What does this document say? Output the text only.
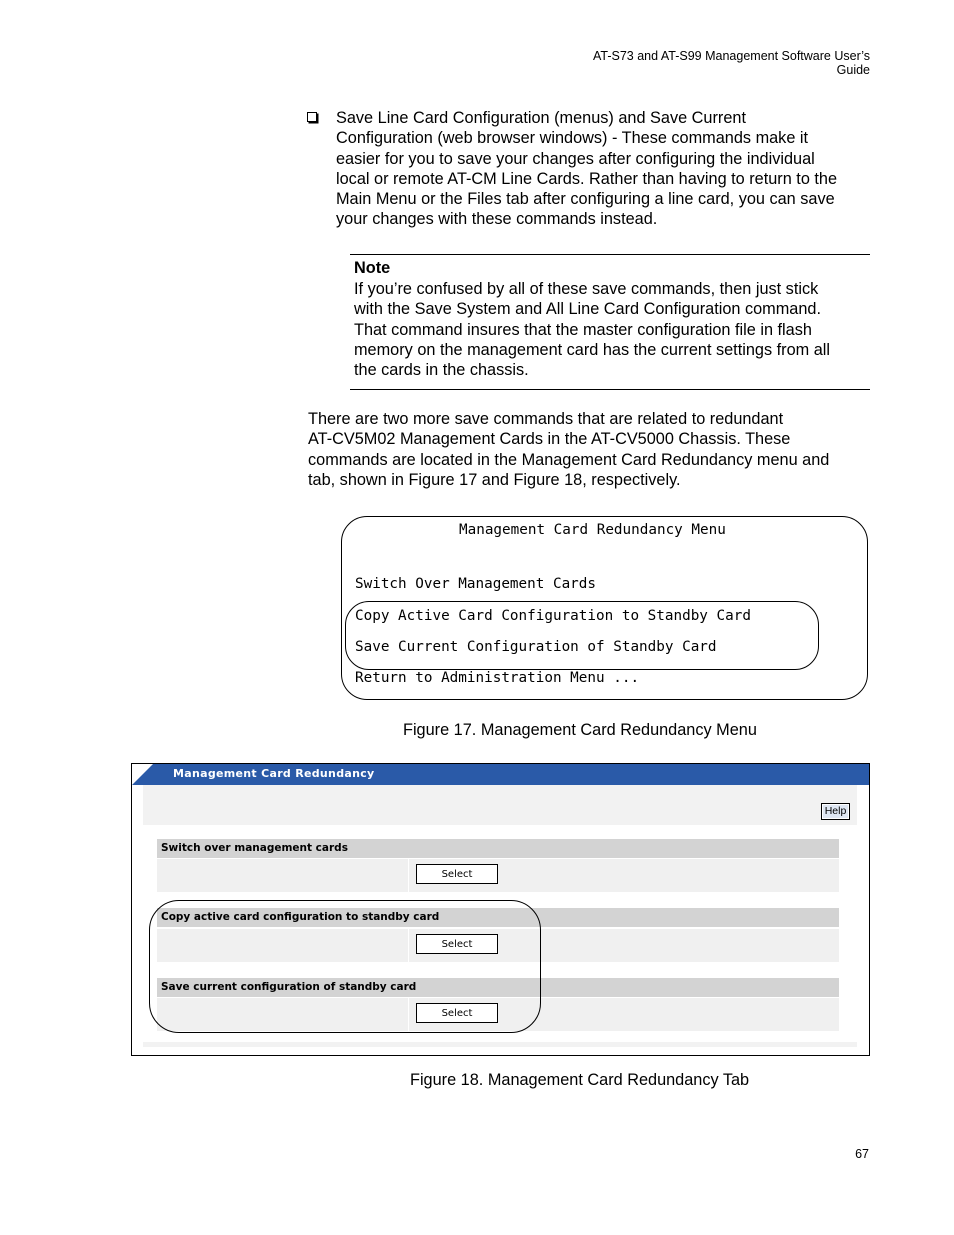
AT-S73 and AT-S99 Management Software User’s Guide
Save Line Card Configuration (menus) and Save Current
Configuration (web browser windows) - These commands make it
easier for you to save your changes after configuring the individual
local or remote AT-CM Line Cards. Rather than having to return to the
Main Menu or the Files tab after configuring a line card, you can save
your changes with these commands instead.
Note
If you’re confused by all of these save commands, then just stick
with the Save System and All Line Card Configuration command.
That command insures that the master configuration file in flash
memory on the management card has the current settings from all
the cards in the chassis.
There are two more save commands that are related to redundant
AT-CV5M02 Management Cards in the AT-CV5000 Chassis. These
commands are located in the Management Card Redundancy menu and
tab, shown in Figure 17 and Figure 18, respectively.
Management Card Redundancy Menu
Switch Over Management Cards
Copy Active Card Configuration to Standby Card
Save Current Configuration of Standby Card
Return to Administration Menu ...
Figure 17. Management Card Redundancy Menu
Management Card Redundancy
Help
Switch over management cards
Select
Copy active card configuration to standby card
Select
Save current configuration of standby card
Select
Figure 18. Management Card Redundancy Tab
67
